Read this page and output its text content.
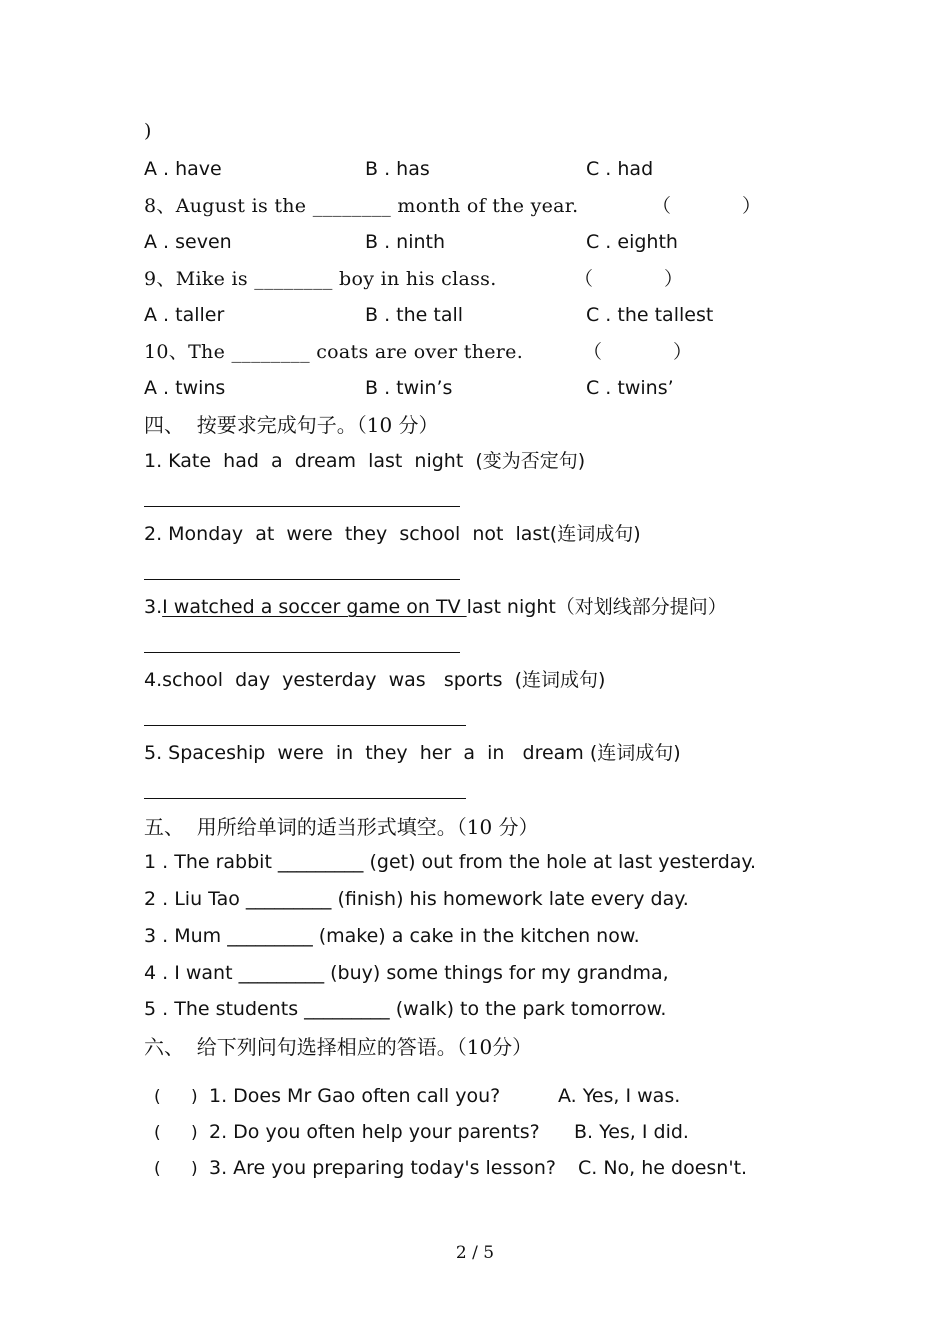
)
A . have	B . has	C . had
8、August is the ________ month of the year.	（	）
A . seven	B . ninth	C . eighth
9、Mike is ________ boy in his class.	（	）
A . taller	B . the tall	C . the tallest
10、The ________ coats are over there.	（	）
A . twins	B . twin’s	C . twins’
四、  按要求完成句子。（10 分）
1. Kate  had  a  dream  last  night  (变为否定句)
2. Monday  at  were  they  school  not  last(连词成句)
3.I watched a soccer game on TV last night（对划线部分提问）
4.school  day  yesterday  was   sports  (连词成句)
5. Spaceship  were  in  they  her  a  in   dream (连词成句)
五、  用所给单词的适当形式填空。（10 分）
1 . The rabbit _________ (get) out from the hole at last yesterday.
2 . Liu Tao _________ (finish) his homework late every day.
3 . Mum _________ (make) a cake in the kitchen now.
4 . I want _________ (buy) some things for my grandma,
5 . The students _________ (walk) to the park tomorrow.
六、  给下列问句选择相应的答语。（10分）
( ) 1. Does Mr Gao often call you?	A. Yes, I was.
( ) 2. Do you often help your parents? B. Yes, I did.
( ) 3. Are you preparing today's lesson? C. No, he doesn't.
2 / 5
